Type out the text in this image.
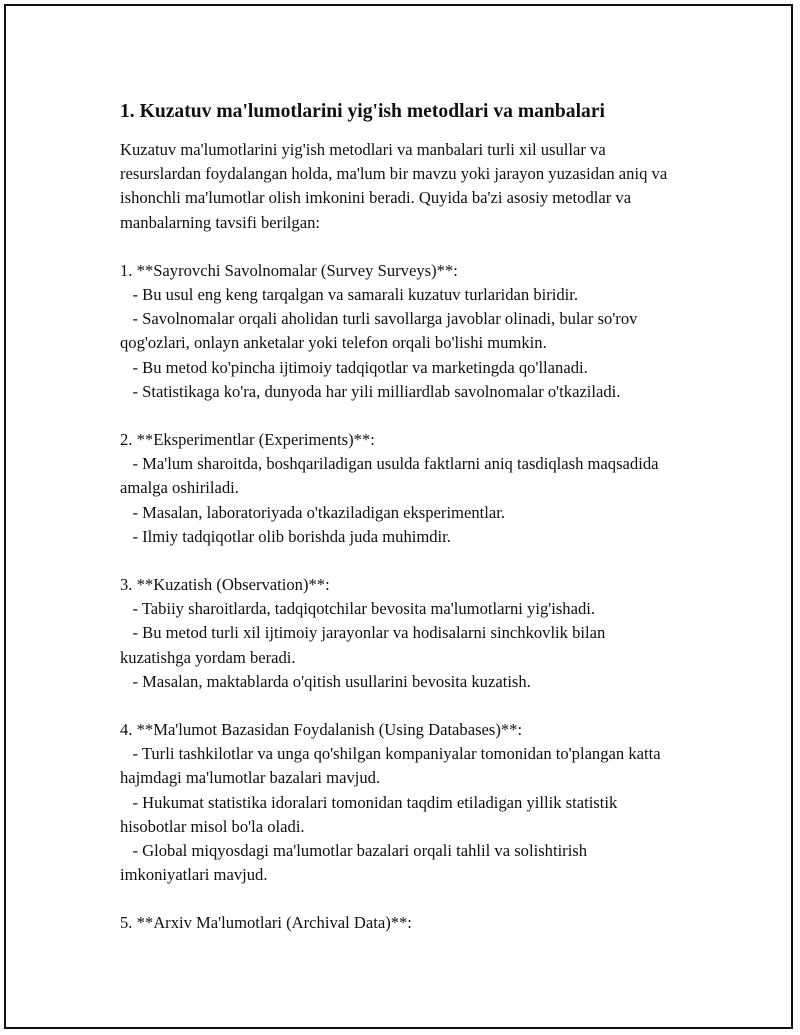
1. Kuzatuv ma'lumotlarini yig'ish metodlari va manbalari

Kuzatuv ma'lumotlarini yig'ish metodlari va manbalari turli xil usullar va resurslardan foydalangan holda, ma'lum bir mavzu yoki jarayon yuzasidan aniq va ishonchli ma'lumotlar olish imkonini beradi. Quyida ba'zi asosiy metodlar va manbalarning tavsifi berilgan:

1. **Sayrovchi Savolnomalar (Survey Surveys)**:

- Bu usul eng keng tarqalgan va samarali kuzatuv turlaridan biridir.

- Savolnomalar orqali aholidan turli savollarga javoblar olinadi, bular so'rov qog'ozlari, onlayn anketalar yoki telefon orqali bo'lishi mumkin.

- Bu metod ko'pincha ijtimoiy tadqiqotlar va marketingda qo'llanadi.

- Statistikaga ko'ra, dunyoda har yili milliardlab savolnomalar o'tkaziladi.

2. **Eksperimentlar (Experiments)**:

- Ma'lum sharoitda, boshqariladigan usulda faktlarni aniq tasdiqlash maqsadida amalga oshiriladi.

- Masalan, laboratoriyada o'tkaziladigan eksperimentlar.

- Ilmiy tadqiqotlar olib borishda juda muhimdir.

3. **Kuzatish (Observation)**:

- Tabiiy sharoitlarda, tadqiqotchilar bevosita ma'lumotlarni yig'ishadi.

- Bu metod turli xil ijtimoiy jarayonlar va hodisalarni sinchkovlik bilan kuzatishga yordam beradi.

- Masalan, maktablarda o'qitish usullarini bevosita kuzatish.

4. **Ma'lumot Bazasidan Foydalanish (Using Databases)**:

- Turli tashkilotlar va unga qo'shilgan kompaniyalar tomonidan to'plangan katta hajmdagi ma'lumotlar bazalari mavjud.

- Hukumat statistika idoralari tomonidan taqdim etiladigan yillik statistik hisobotlar misol bo'la oladi.

- Global miqyosdagi ma'lumotlar bazalari orqali tahlil va solishtirish imkoniyatlari mavjud.

5. **Arxiv Ma'lumotlari (Archival Data)**:
